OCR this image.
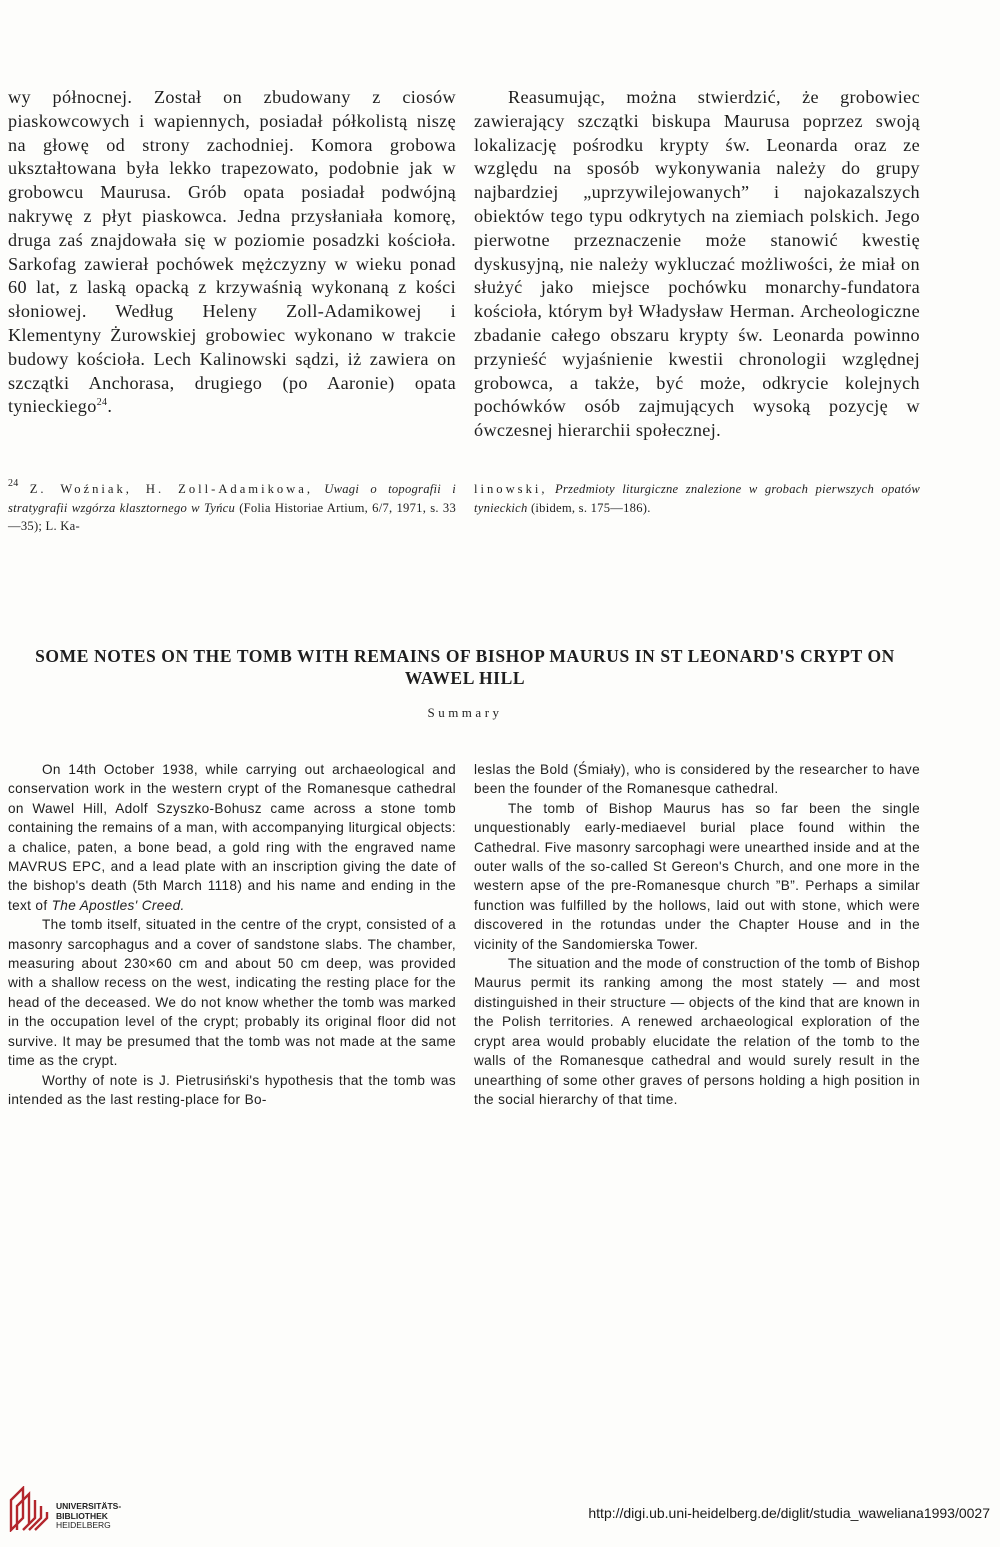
wy północnej. Został on zbudowany z ciosów piaskowcowych i wapiennych, posiadał półkolistą niszę na głowę od strony zachodniej. Komora grobowa ukształtowana była lekko trapezowato, podobnie jak w grobowcu Maurusa. Grób opata posiadał podwójną nakrywę z płyt piaskowca. Jedna przysłaniała komorę, druga zaś znajdowała się w poziomie posadzki kościoła. Sarkofag zawierał pochówek mężczyzny w wieku ponad 60 lat, z laską opacką z krzywaśnią wykonaną z kości słoniowej. Według Heleny Zoll-Adamikowej i Klementyny Żurowskiej grobowiec wykonano w trakcie budowy kościoła. Lech Kalinowski sądzi, iż zawiera on szczątki Anchorasa, drugiego (po Aaronie) opata tynieckiego$^{24}$.

Reasumując, można stwierdzić, że grobowiec zawierający szczątki biskupa Maurusa poprzez swoją lokalizację pośrodku krypty św. Leonarda oraz ze względu na sposób wykonywania należy do grupy najbardziej „uprzywilejowanych” i najokazalszych obiektów tego typu odkrytych na ziemiach polskich. Jego pierwotne przeznaczenie może stanowić kwestię dyskusyjną, nie należy wykluczać możliwości, że miał on służyć jako miejsce pochówku monarchy-fundatora kościoła, którym był Władysław Herman. Archeologiczne zbadanie całego obszaru krypty św. Leonarda powinno przynieść wyjaśnienie kwestii chronologii względnej grobowca, a także, być może, odkrycie kolejnych pochówków osób zajmujących wysoką pozycję w ówczesnej hierarchii społecznej.

$^{24}$ Z. Woźniak, H. Zoll-Adamikowa, Uwagi o topografii i stratygrafii wzgórza klasztornego w Tyńcu (Folia Historiae Artium, 6/7, 1971, s. 33—35); L. Ka-

linowski, Przedmioty liturgiczne znalezione w grobach pierwszych opatów tynieckich (ibidem, s. 175—186).

SOME NOTES ON THE TOMB WITH REMAINS OF BISHOP MAURUS IN ST LEONARD'S CRYPT ON WAWEL HILL

Summary

On 14th October 1938, while carrying out archaeological and conservation work in the western crypt of the Romanesque cathedral on Wawel Hill, Adolf Szyszko-Bohusz came across a stone tomb containing the remains of a man, with accompanying liturgical objects: a chalice, paten, a bone bead, a gold ring with the engraved name MAVRUS EPC, and a lead plate with an inscription giving the date of the bishop's death (5th March 1118) and his name and ending in the text of The Apostles' Creed.

The tomb itself, situated in the centre of the crypt, consisted of a masonry sarcophagus and a cover of sandstone slabs. The chamber, measuring about 230×60 cm and about 50 cm deep, was provided with a shallow recess on the west, indicating the resting place for the head of the deceased. We do not know whether the tomb was marked in the occupation level of the crypt; probably its original floor did not survive. It may be presumed that the tomb was not made at the same time as the crypt.

Worthy of note is J. Pietrusiński's hypothesis that the tomb was intended as the last resting-place for Bo-

leslas the Bold (Śmiały), who is considered by the researcher to have been the founder of the Romanesque cathedral.

The tomb of Bishop Maurus has so far been the single unquestionably early-mediaevel burial place found within the Cathedral. Five masonry sarcophagi were unearthed inside and at the outer walls of the so-called St Gereon's Church, and one more in the western apse of the pre-Romanesque church ”B”. Perhaps a similar function was fulfilled by the hollows, laid out with stone, which were discovered in the rotundas under the Chapter House and in the vicinity of the Sandomierska Tower.

The situation and the mode of construction of the tomb of Bishop Maurus permit its ranking among the most stately — and most distinguished in their structure — objects of the kind that are known in the Polish territories. A renewed archaeological exploration of the crypt area would probably elucidate the relation of the tomb to the walls of the Romanesque cathedral and would surely result in the unearthing of some other graves of persons holding a high position in the social hierarchy of that time.

UNIVERSITÄTS-
BIBLIOTHEK
HEIDELBERG
http://digi.ub.uni-heidelberg.de/diglit/studia_waweliana1993/0027
